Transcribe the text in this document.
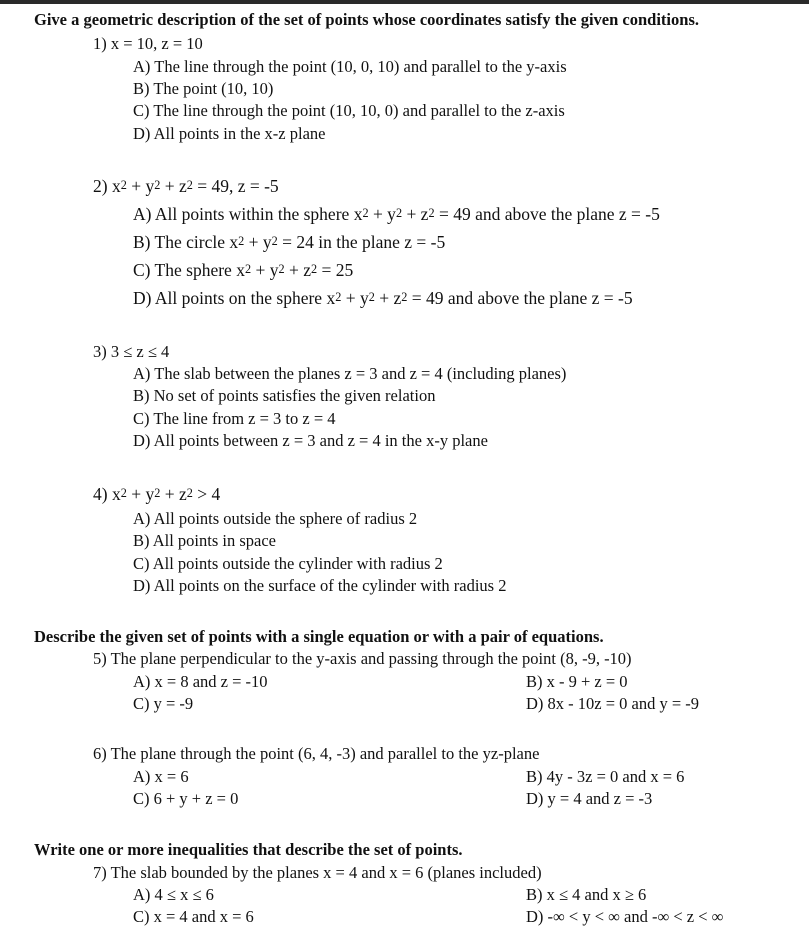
Give a geometric description of the set of points whose coordinates satisfy the given conditions.
1) x = 10, z = 10
A) The line through the point (10, 0, 10) and parallel to the y-axis
B) The point (10, 10)
C) The line through the point (10, 10, 0) and parallel to the z-axis
D) All points in the x-z plane
2) $x^2 + y^2 + z^2 = 49$, z = -5
A) All points within the sphere $x^2 + y^2 + z^2 = 49$ and above the plane z = -5
B) The circle $x^2 + y^2 = 24$ in the plane z = -5
C) The sphere $x^2 + y^2 + z^2 = 25$
D) All points on the sphere $x^2 + y^2 + z^2 = 49$ and above the plane z = -5
3) 3 ≤ z ≤ 4
A) The slab between the planes z = 3 and z = 4 (including planes)
B) No set of points satisfies the given relation
C) The line from z = 3 to z = 4
D) All points between z = 3 and z = 4 in the x-y plane
4) $x^2 + y^2 + z^2 > 4$
A) All points outside the sphere of radius 2
B) All points in space
C) All points outside the cylinder with radius 2
D) All points on the surface of the cylinder with radius 2
Describe the given set of points with a single equation or with a pair of equations.
5) The plane perpendicular to the y-axis and passing through the point (8, -9, -10)
A) x = 8 and z = -10	B) x - 9 + z = 0
C) y = -9	D) 8x - 10z = 0 and y = -9
6) The plane through the point (6, 4, -3) and parallel to the yz-plane
A) x = 6	B) 4y - 3z = 0 and x = 6
C) 6 + y + z = 0	D) y = 4 and z = -3
Write one or more inequalities that describe the set of points.
7) The slab bounded by the planes x = 4 and x = 6 (planes included)
A) 4 ≤ x ≤ 6	B) x ≤ 4 and x ≥ 6
C) x = 4 and x = 6	D) -∞ < y < ∞ and -∞ < z < ∞
